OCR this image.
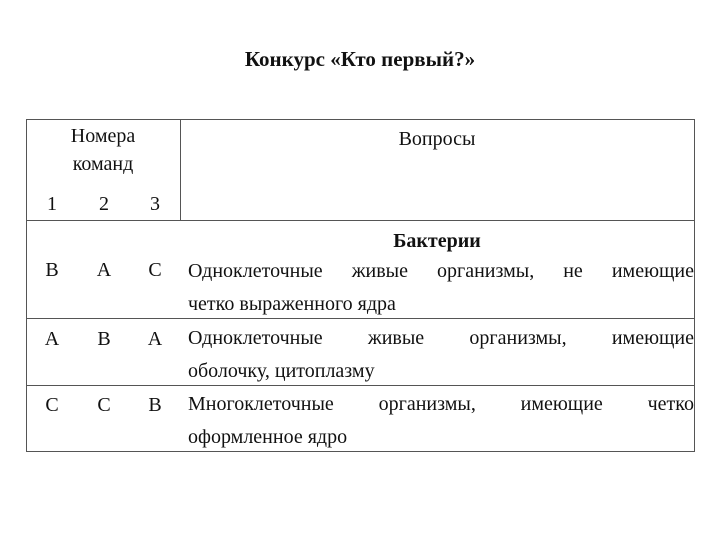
Конкурс «Кто первый?»
Номера
команд
1	2	3
Вопросы
Бактерии
B	A	C	Одноклеточные живые организмы, не имеющие
четко выраженного ядра
A	B	A	Одноклеточные живые организмы, имеющие
оболочку, цитоплазму
C	C	B	Многоклеточные организмы, имеющие четко
оформленное ядро
